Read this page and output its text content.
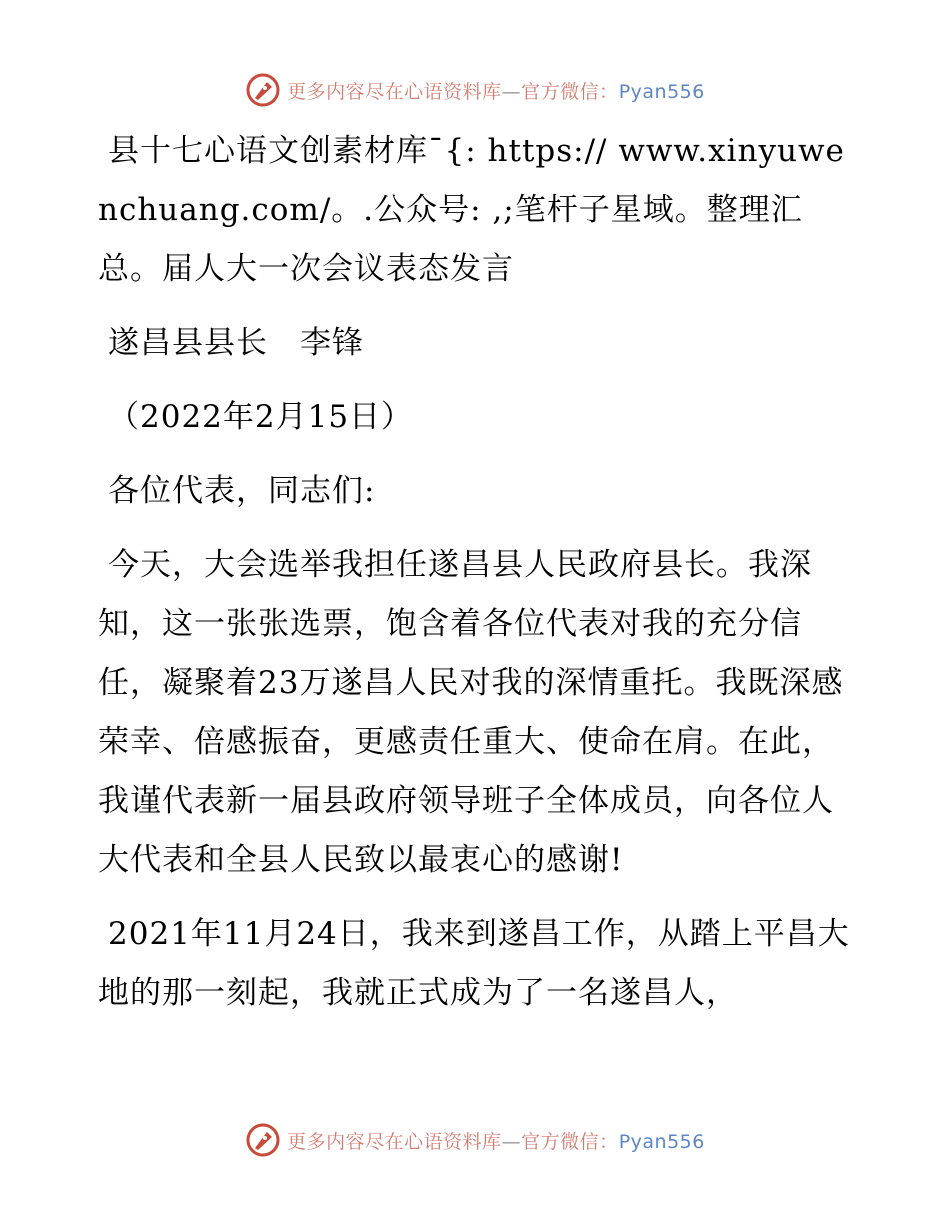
更多内容尽在心语资料库—官方微信：Pyan556

县十七心语文创素材库¯{: https:// www.xinyuwenchuang.com/。.公众号: ,;笔杆子星域。整理汇总。届人大一次会议表态发言

遂昌县县长　李锋

（2022年2月15日）

各位代表，同志们:

今天，大会选举我担任遂昌县人民政府县长。我深知，这一张张选票，饱含着各位代表对我的充分信任，凝聚着23万遂昌人民对我的深情重托。我既深感荣幸、倍感振奋，更感责任重大、使命在肩。在此，我谨代表新一届县政府领导班子全体成员，向各位人大代表和全县人民致以最衷心的感谢!

2021年11月24日，我来到遂昌工作，从踏上平昌大地的那一刻起，我就正式成为了一名遂昌人，

更多内容尽在心语资料库—官方微信：Pyan556
